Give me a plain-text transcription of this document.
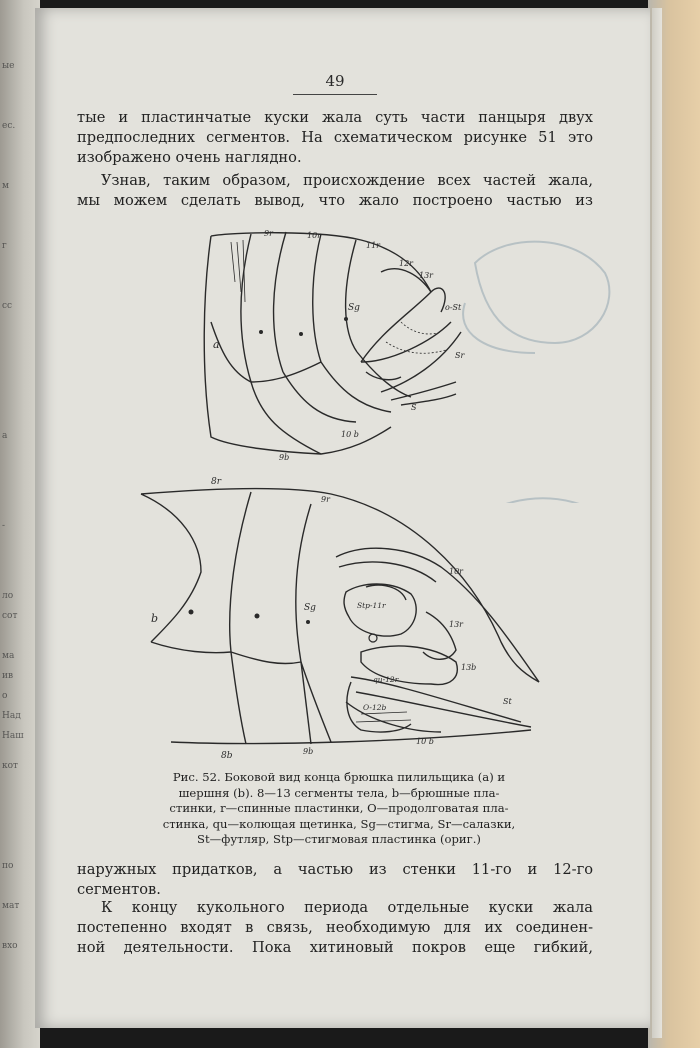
ые
ес.
м
г
сс
а
-
ло
сот
ма
ив
о
Над
Наш
кот
по
мат
вхо
49
тые и пластинчатые куски жала суть части панцыря двух
предпоследних сегментов. На схематическом рисунке 51 это
изображено очень наглядно.
Узнав, таким образом, происхождение всех частей жала,
мы можем сделать вывод, что жало построено частью из
a
9r	10r
11r
12r
13r
Sg	o-St
Sr
S
10 b
9b
b
8r
9r
10r
Sg	Stp-11r
13r
13b
qu-12r
O-12b
St
8b	9b
10 b
Рис. 52. Боковой вид конца брюшка пилильщика (а) и
шершня (b). 8—13 сегменты тела, b—брюшные пла-
стинки, r—спинные пластинки, O—продолговатая пла-
стинка, qu—колющая щетинка, Sg—стигма, Sr—салазки,
St—футляр, Stp—стигмовая пластинка (ориг.)
наружных придатков, а частью из стенки 11-го и 12-го
сегментов.
К концу кукольного периода отдельные куски жала
постепенно входят в связь, необходимую для их соединен-
ной деятельности. Пока хитиновый покров еще гибкий,
